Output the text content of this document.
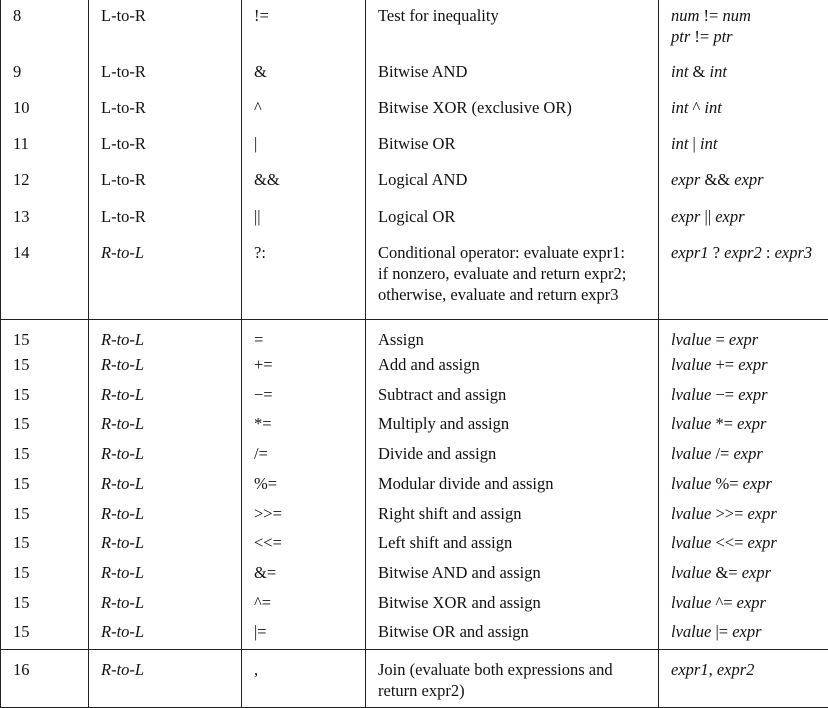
8	L-to-R	!=	Test for inequality	num != num
ptr != ptr

9	L-to-R	&	Bitwise AND	int & int

10	L-to-R	^	Bitwise XOR (exclusive OR)	int ^ int

11	L-to-R	|	Bitwise OR	int | int

12	L-to-R	&&	Logical AND	expr && expr

13	L-to-R	||	Logical OR	expr || expr

14	R-to-L	?:	Conditional operator: evaluate expr1:
if nonzero, evaluate and return expr2;
otherwise, evaluate and return expr3	expr1 ? expr2 : expr3

15	R-to-L	=	Assign	lvalue = expr

15	R-to-L	+=	Add and assign	lvalue += expr

15	R-to-L	−=	Subtract and assign	lvalue −= expr

15	R-to-L	*=	Multiply and assign	lvalue *= expr

15	R-to-L	/=	Divide and assign	lvalue /= expr

15	R-to-L	%=	Modular divide and assign	lvalue %= expr

15	R-to-L	>>=	Right shift and assign	lvalue >>= expr

15	R-to-L	<<=	Left shift and assign	lvalue <<= expr

15	R-to-L	&=	Bitwise AND and assign	lvalue &= expr

15	R-to-L	^=	Bitwise XOR and assign	lvalue ^= expr

15	R-to-L	|=	Bitwise OR and assign	lvalue |= expr

16	R-to-L	,	Join (evaluate both expressions and
return expr2)	expr1, expr2
